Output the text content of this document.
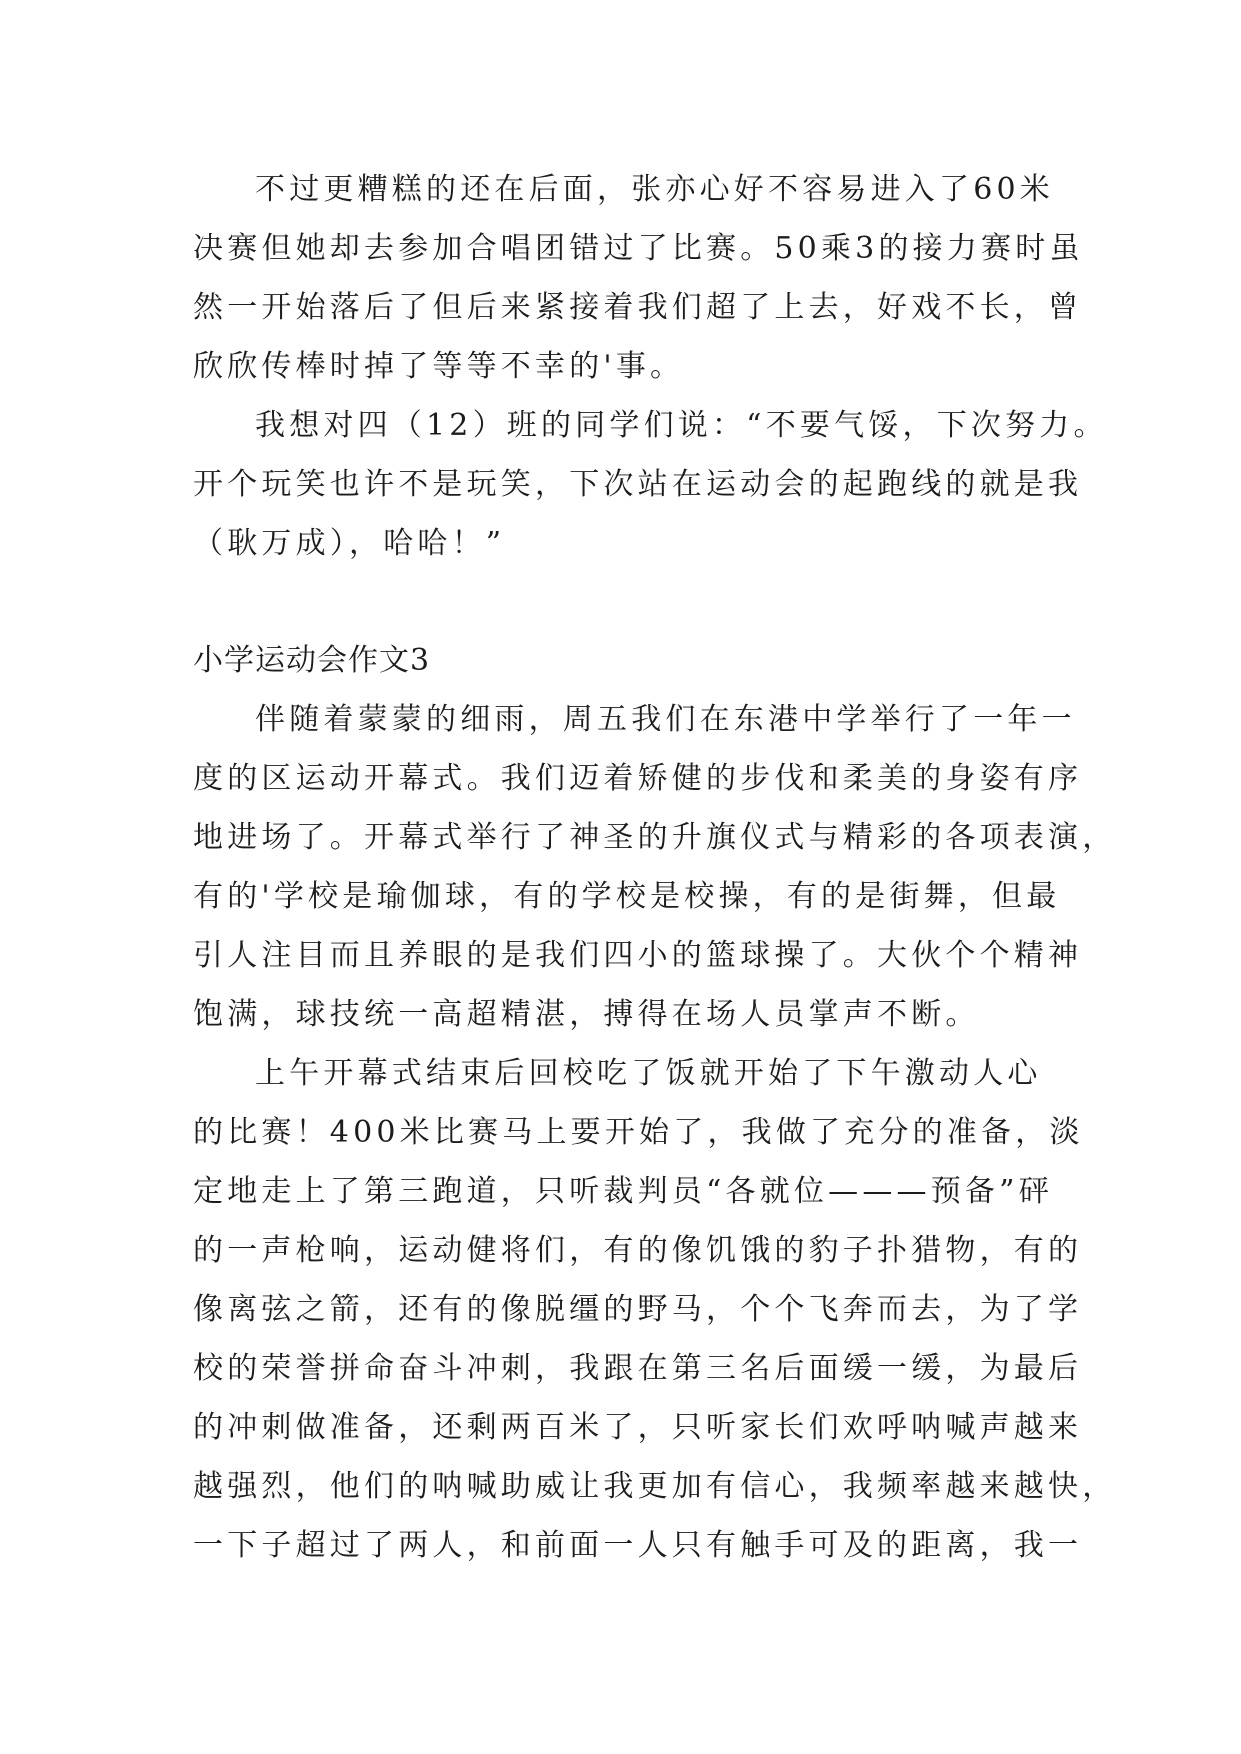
不过更糟糕的还在后面，张亦心好不容易进入了60米
决赛但她却去参加合唱团错过了比赛。50乘3的接力赛时虽
然一开始落后了但后来紧接着我们超了上去，好戏不长，曾
欣欣传棒时掉了等等不幸的'事。
我想对四（12）班的同学们说：“不要气馁，下次努力。
开个玩笑也许不是玩笑，下次站在运动会的起跑线的就是我
（耿万成），哈哈！”
小学运动会作文3
伴随着蒙蒙的细雨，周五我们在东港中学举行了一年一
度的区运动开幕式。我们迈着矫健的步伐和柔美的身姿有序
地进场了。开幕式举行了神圣的升旗仪式与精彩的各项表演，
有的'学校是瑜伽球，有的学校是校操，有的是街舞，但最
引人注目而且养眼的是我们四小的篮球操了。大伙个个精神
饱满，球技统一高超精湛，搏得在场人员掌声不断。
上午开幕式结束后回校吃了饭就开始了下午激动人心
的比赛！400米比赛马上要开始了，我做了充分的准备，淡
定地走上了第三跑道，只听裁判员“各就位———预备”砰
的一声枪响，运动健将们，有的像饥饿的豹子扑猎物，有的
像离弦之箭，还有的像脱缰的野马，个个飞奔而去，为了学
校的荣誉拼命奋斗冲刺，我跟在第三名后面缓一缓，为最后
的冲刺做准备，还剩两百米了，只听家长们欢呼呐喊声越来
越强烈，他们的呐喊助威让我更加有信心，我频率越来越快，
一下子超过了两人，和前面一人只有触手可及的距离，我一
